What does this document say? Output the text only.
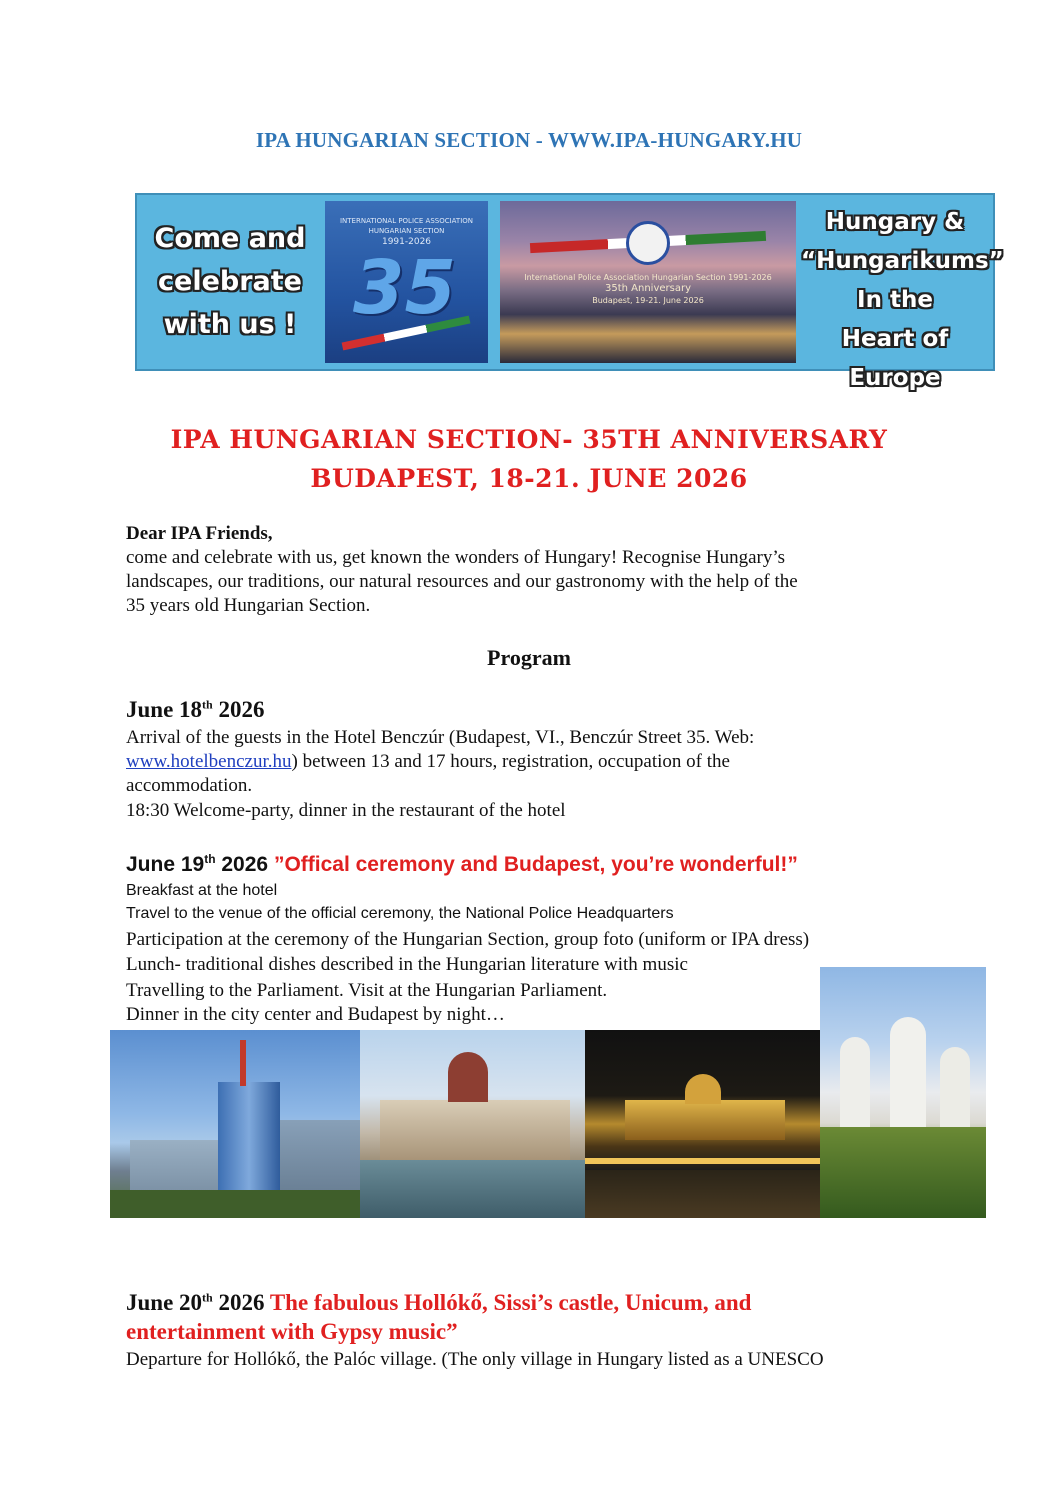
IPA HUNGARIAN SECTION - WWW.IPA-HUNGARY.HU
Come and
celebrate
with us !
INTERNATIONAL POLICE ASSOCIATION
HUNGARIAN SECTION
1991-2026
35	International Police Association Hungarian Section 1991-2026
35th Anniversary
Budapest, 19-21. June 2026
Hungary &
“Hungarikums”
In the
Heart of Europe
IPA HUNGARIAN SECTION- 35TH ANNIVERSARY
BUDAPEST, 18-21. JUNE 2026
Dear IPA Friends,
come and celebrate with us, get known the wonders of Hungary! Recognise Hungary’s
landscapes, our traditions, our natural resources and our gastronomy with the help of the
35 years old Hungarian Section.
Program
June 18th 2026
Arrival of the guests in the Hotel Benczúr (Budapest, VI., Benczúr Street 35. Web:
www.hotelbenczur.hu) between 13 and 17 hours, registration, occupation of the
accommodation.
18:30 Welcome-party, dinner in the restaurant of the hotel
June 19th 2026 ”Offical ceremony and Budapest, you’re wonderful!”
Breakfast at the hotel
Travel to the venue of the official ceremony, the National Police Headquarters
Participation at the ceremony of the Hungarian Section, group foto (uniform or IPA dress)
Lunch- traditional dishes described in the Hungarian literature with music
Travelling to the Parliament. Visit at the Hungarian Parliament.
Dinner in the city center and Budapest by night…
June 20th 2026 The fabulous Hollókő, Sissi’s castle, Unicum, and
entertainment with Gypsy music”
Departure for Hollókő, the Palóc village. (The only village in Hungary listed as a UNESCO
